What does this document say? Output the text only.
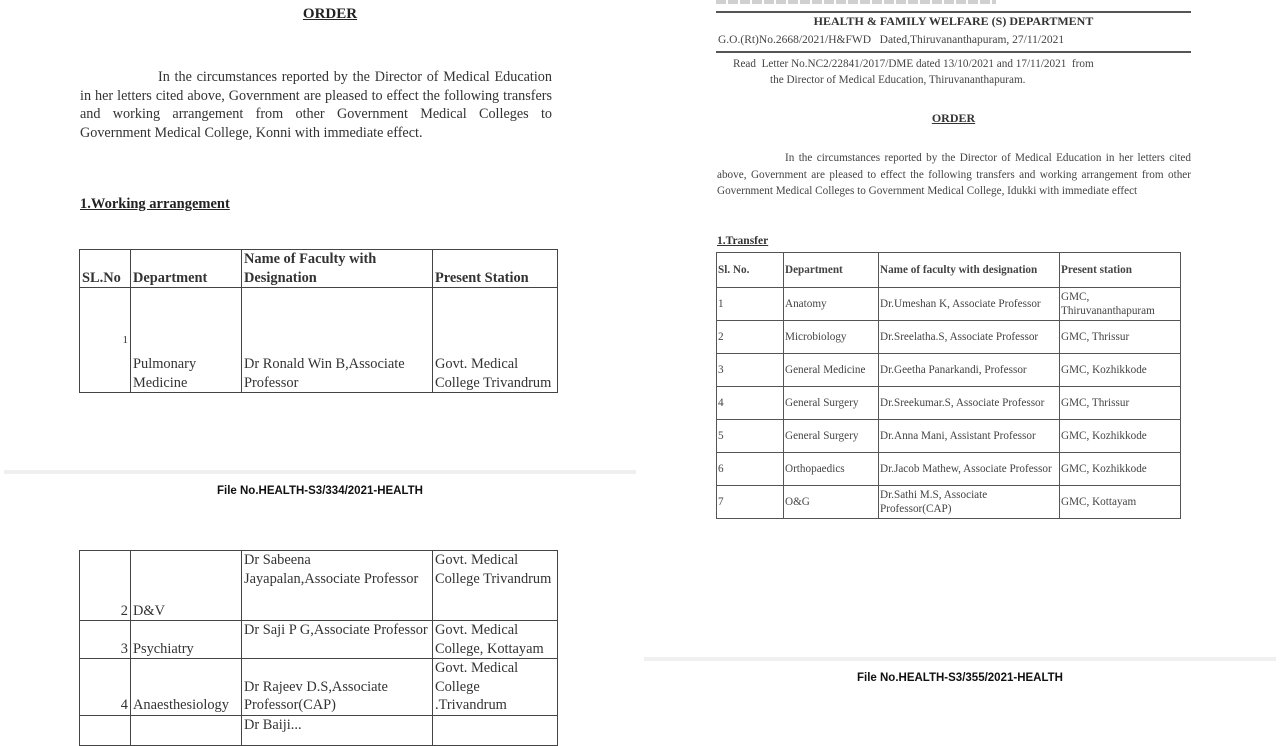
ORDER
In the circumstances reported by the Director of Medical Education in her letters cited above, Government are pleased to effect the following transfers and working arrangement from other Government Medical Colleges to Government Medical College, Konni with immediate effect.
1.Working arrangement
SL.No	Department	Name of Faculty with Designation	Present Station
1	Pulmonary Medicine	Dr Ronald Win B,Associate Professor	Govt. Medical College Trivandrum
File No.HEALTH-S3/334/2021-HEALTH
2	D&V	Dr Sabeena Jayapalan,Associate Professor	Govt. Medical College Trivandrum
3	Psychiatry	Dr Saji P G,Associate Professor	Govt. Medical College, Kottayam
4	Anaesthesiology	Dr Rajeev D.S,Associate Professor(CAP)	Govt. Medical College .Trivandrum
		Dr Baiji...	
HEALTH & FAMILY WELFARE (S) DEPARTMENT
G.O.(Rt)No.2668/2021/H&FWD   Dated,Thiruvananthapuram, 27/11/2021
Read  Letter No.NC2/22841/2017/DME dated 13/10/2021 and 17/11/2021  from
the Director of Medical Education, Thiruvananthapuram.
ORDER
In the circumstances reported by the Director of Medical Education in her letters cited above, Government are pleased to effect the following transfers and working arrangement from other Government Medical Colleges to Government Medical College, Idukki with immediate effect
1.Transfer
Sl. No.	Department	Name of faculty with designation	Present station
1	Anatomy	Dr.Umeshan K, Associate Professor	GMC, Thiruvananthapuram
2	Microbiology	Dr.Sreelatha.S, Associate Professor	GMC, Thrissur
3	General Medicine	Dr.Geetha Panarkandi, Professor	GMC, Kozhikkode
4	General Surgery	Dr.Sreekumar.S, Associate Professor	GMC, Thrissur
5	General Surgery	Dr.Anna Mani, Assistant Professor	GMC, Kozhikkode
6	Orthopaedics	Dr.Jacob Mathew, Associate Professor	GMC, Kozhikkode
7	O&G	Dr.Sathi M.S, Associate Professor(CAP)	GMC, Kottayam
File No.HEALTH-S3/355/2021-HEALTH
